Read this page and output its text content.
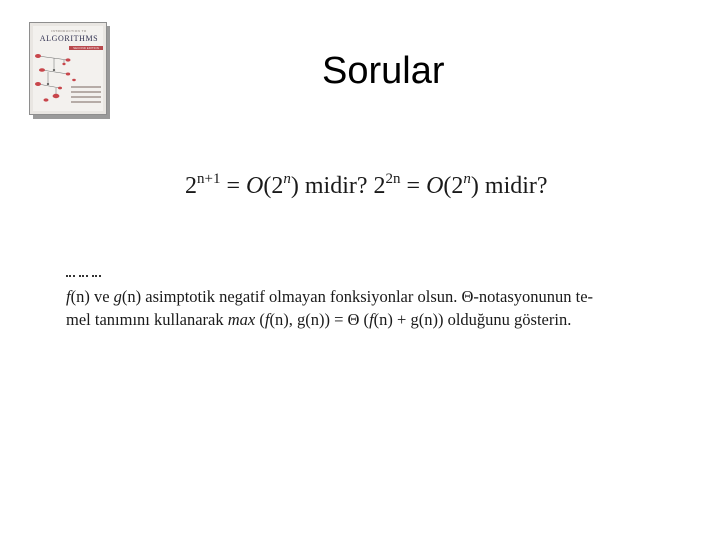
INTRODUCTION TO
ALGORITHMS
SECOND EDITION
Sorular
$2^{n+1} = O(2^n)$ midir? $2^{2n} = O(2^n)$ midir?
f(n) ve g(n) asimptotik negatif olmayan fonksiyonlar olsun. Θ-notasyonunun te-
mel tanımını kullanarak max (f(n), g(n)) = Θ (f(n) + g(n)) olduğunu gösterin.
